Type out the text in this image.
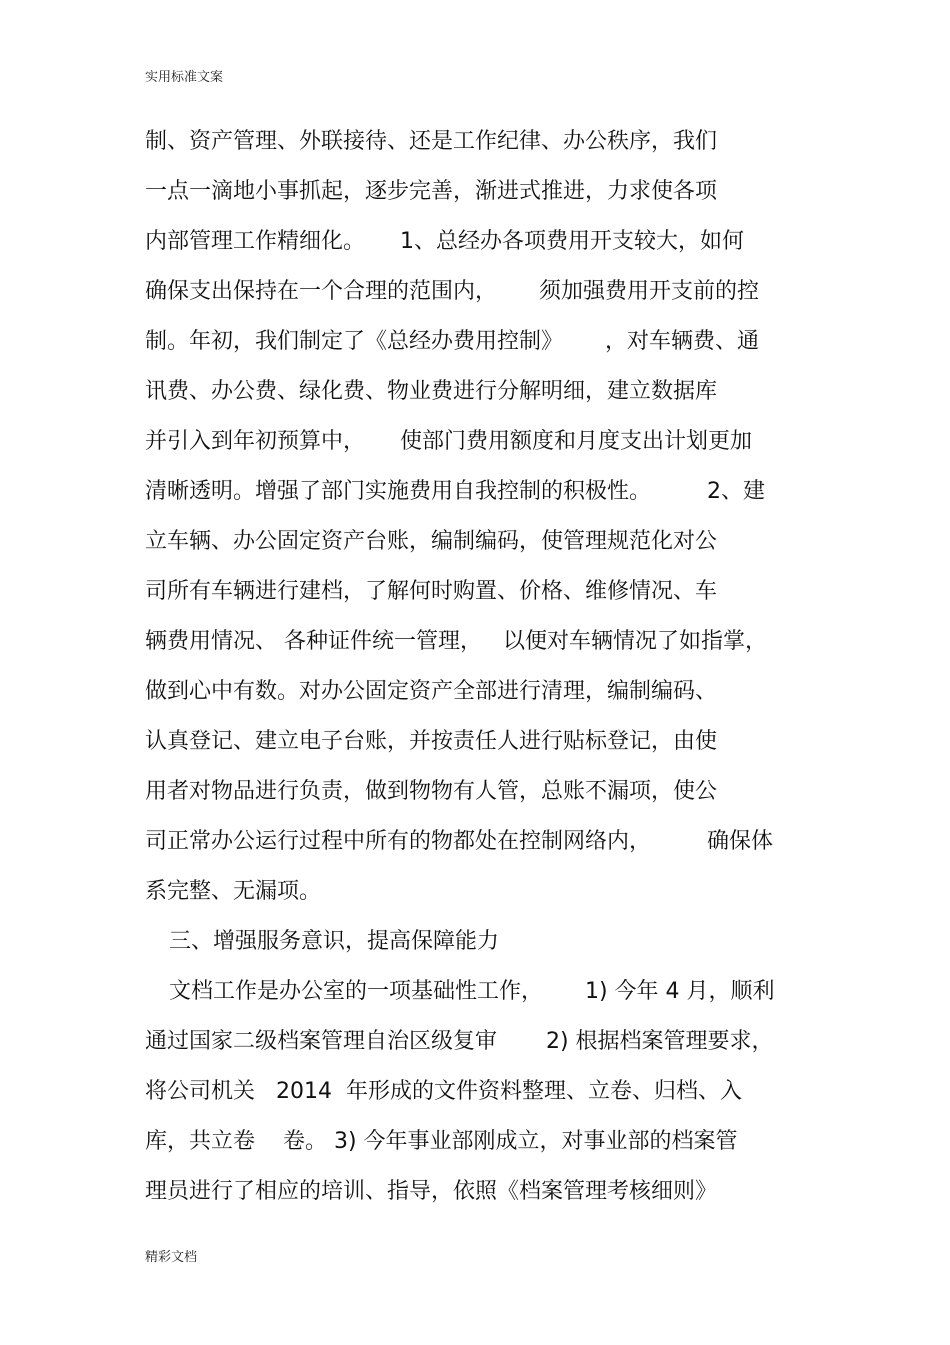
实用标准文案
制、资产管理、外联接待、还是工作纪律、办公秩序，我们
一点一滴地小事抓起，逐步完善，渐进式推进，力求使各项
内部管理工作精细化。     1、总经办各项费用开支较大，如何
确保支出保持在一个合理的范围内，      须加强费用开支前的控
制。年初，我们制定了《总经办费用控制》      ，对车辆费、通
讯费、办公费、绿化费、物业费进行分解明细，建立数据库
并引入到年初预算中，     使部门费用额度和月度支出计划更加
清晰透明。增强了部门实施费用自我控制的积极性。        2、建
立车辆、办公固定资产台账，编制编码，使管理规范化对公
司所有车辆进行建档，了解何时购置、价格、维修情况、车
辆费用情况、 各种证件统一管理，   以便对车辆情况了如指掌，
做到心中有数。对办公固定资产全部进行清理，编制编码、
认真登记、建立电子台账，并按责任人进行贴标登记，由使
用者对物品进行负责，做到物物有人管，总账不漏项，使公
司正常办公运行过程中所有的物都处在控制网络内，        确保体
系完整、无漏项。
三、增强服务意识，提高保障能力
文档工作是办公室的一项基础性工作，      1) 今年 4 月，顺利
通过国家二级档案管理自治区级复审       2) 根据档案管理要求，
将公司机关   2014  年形成的文件资料整理、立卷、归档、入
库，共立卷    卷。 3) 今年事业部刚成立，对事业部的档案管
理员进行了相应的培训、指导，依照《档案管理考核细则》
精彩文档
